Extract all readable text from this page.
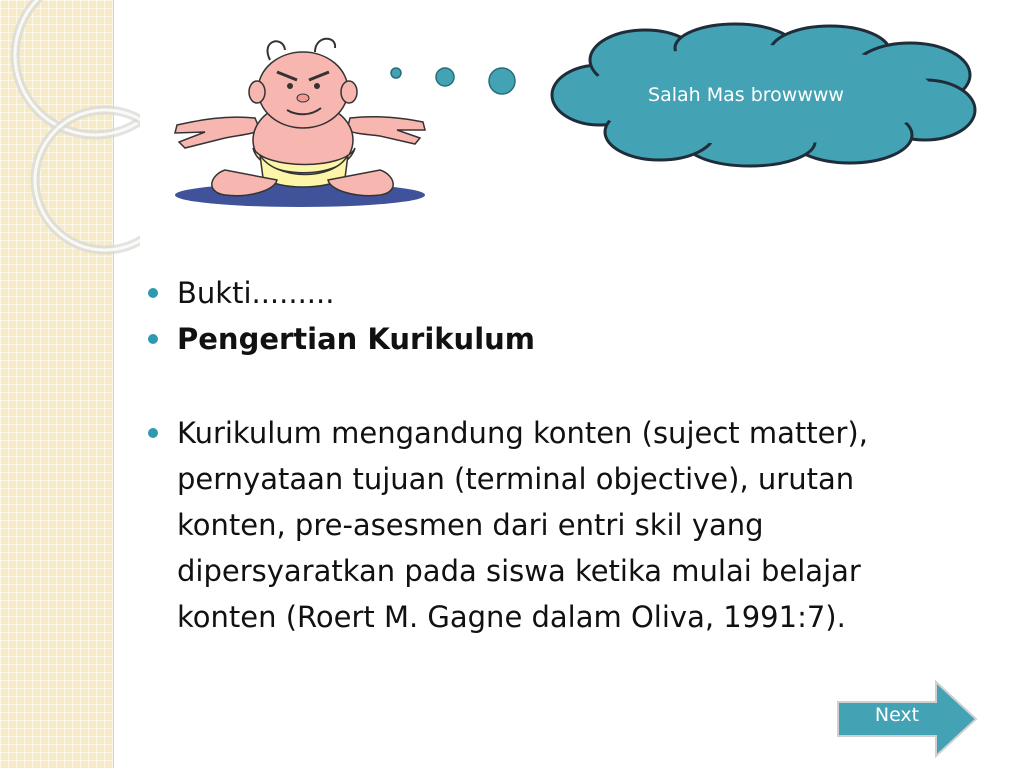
Salah Mas browwww
Bukti.........
Pengertian Kurikulum
Kurikulum mengandung konten (suject matter), pernyataan tujuan (terminal objective), urutan konten, pre-asesmen dari entri skil yang dipersyaratkan pada siswa ketika mulai belajar konten (Roert M. Gagne dalam Oliva, 1991:7).
Next
